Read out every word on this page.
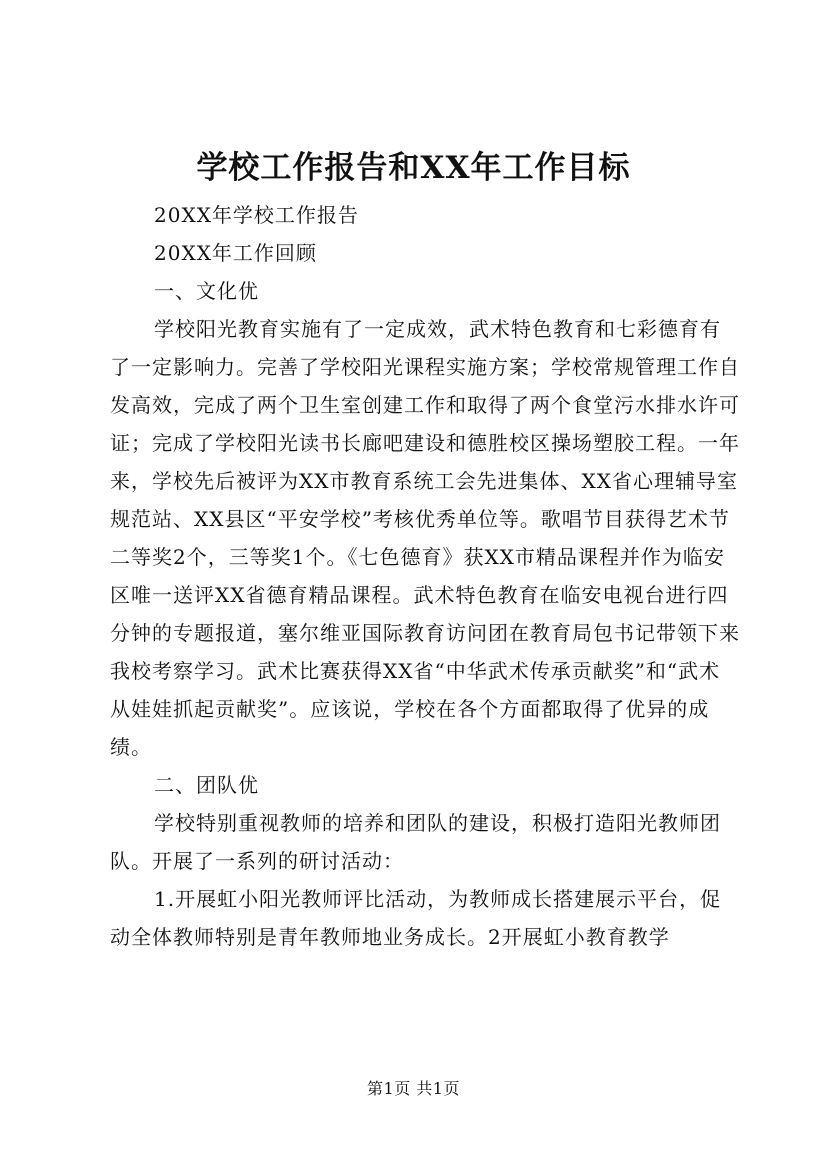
学校工作报告和XX年工作目标

20XX年学校工作报告

20XX年工作回顾

一、文化优

学校阳光教育实施有了一定成效，武术特色教育和七彩德育有了一定影响力。完善了学校阳光课程实施方案；学校常规管理工作自发高效，完成了两个卫生室创建工作和取得了两个食堂污水排水许可证；完成了学校阳光读书长廊吧建设和德胜校区操场塑胶工程。一年来，学校先后被评为XX市教育系统工会先进集体、XX省心理辅导室规范站、XX县区“平安学校”考核优秀单位等。歌唱节目获得艺术节二等奖2个，三等奖1个。《七色德育》获XX市精品课程并作为临安区唯一送评XX省德育精品课程。武术特色教育在临安电视台进行四分钟的专题报道，塞尔维亚国际教育访问团在教育局包书记带领下来我校考察学习。武术比赛获得XX省“中华武术传承贡献奖”和“武术从娃娃抓起贡献奖”。应该说，学校在各个方面都取得了优异的成绩。

二、团队优

学校特别重视教师的培养和团队的建设，积极打造阳光教师团队。开展了一系列的研讨活动：

1.开展虹小阳光教师评比活动，为教师成长搭建展示平台，促动全体教师特别是青年教师地业务成长。2开展虹小教育教学

第1页 共1页
